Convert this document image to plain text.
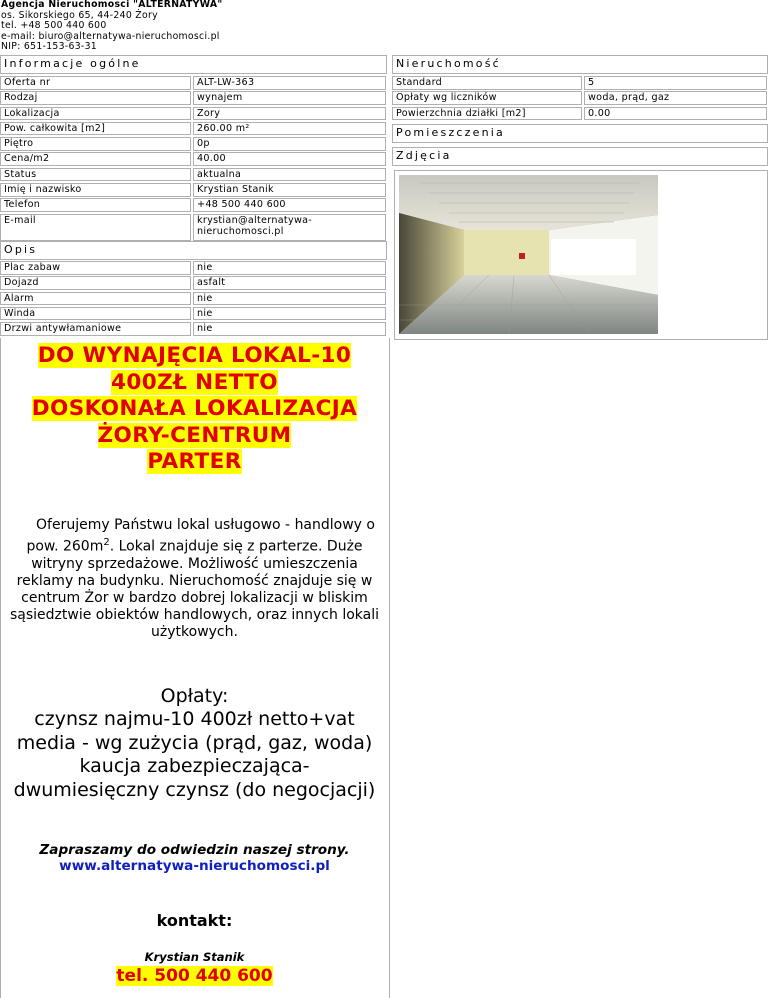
Agencja Nieruchomosci "ALTERNATYWA"
os. Sikorskiego 65, 44-240 Żory
tel. +48 500 440 600
e-mail: biuro@alternatywa-nieruchomosci.pl
NIP: 651-153-63-31
Informacje ogólne
Oferta nr	ALT-LW-363
Rodzaj	wynajem
Lokalizacja	Żory
Pow. całkowita [m2]	260.00 m²
Piętro	0p
Cena/m2	40.00
Status	aktualna
Imię i nazwisko	Krystian Stanik
Telefon	+48 500 440 600
E-mail	krystian@alternatywa-nieruchomosci.pl
Opis
Plac zabaw	nie
Dojazd	asfalt
Alarm	nie
Winda	nie
Drzwi antywłamaniowe	nie
Nieruchomość
Standard	5
Opłaty wg liczników	woda, prąd, gaz
Powierzchnia działki [m2]	0.00
Pomieszczenia
Zdjęcia
DO WYNAJĘCIA LOKAL-10
400ZŁ NETTO
DOSKONAŁA LOKALIZACJA
ŻORY-CENTRUM
PARTER
Oferujemy Państwu lokal usługowo - handlowy o pow. $260m^2$. Lokal znajduje się z parterze. Duże witryny sprzedażowe. Możliwość umieszczenia reklamy na budynku. Nieruchomość znajduje się w centrum Żor w bardzo dobrej lokalizacji w bliskim sąsiedztwie obiektów handlowych, oraz innych lokali użytkowych.
Opłaty:
czynsz najmu-10 400zł netto+vat
media - wg zużycia (prąd, gaz, woda)
kaucja zabezpieczająca-
dwumiesięczny czynsz (do negocjacji)
Zapraszamy do odwiedzin naszej strony.
www.alternatywa-nieruchomosci.pl
kontakt:
Krystian Stanik
tel. 500 440 600
